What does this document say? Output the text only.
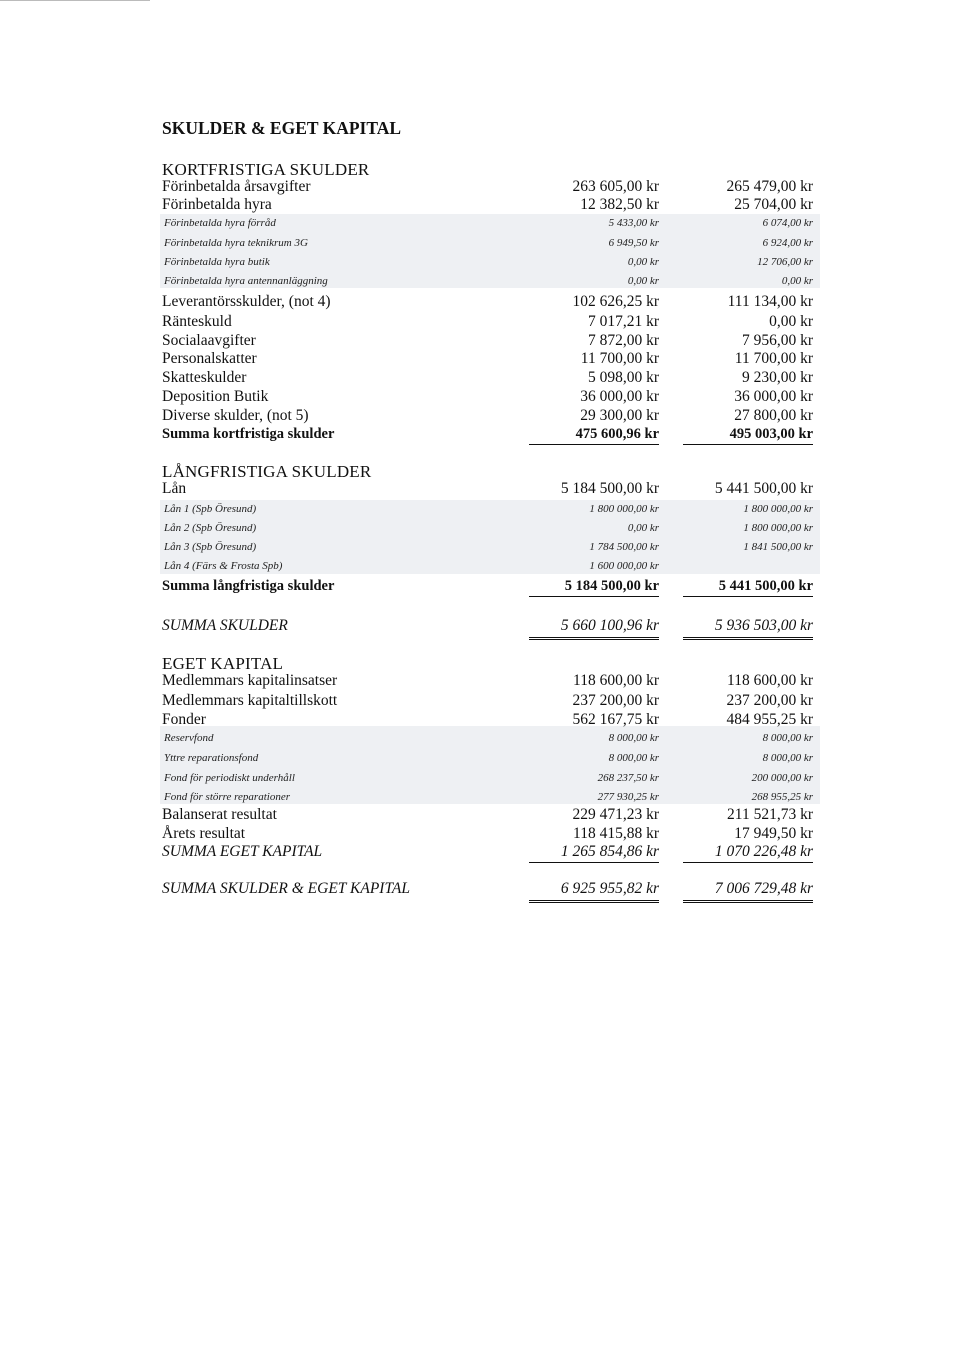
SKULDER & EGET KAPITAL
KORTFRISTIGA SKULDER
Förinbetalda årsavgifter	263 605,00 kr	265 479,00 kr
Förinbetalda hyra	12 382,50 kr	25 704,00 kr
Förinbetalda hyra förråd	5 433,00 kr	6 074,00 kr
Förinbetalda hyra teknikrum 3G	6 949,50 kr	6 924,00 kr
Förinbetalda hyra butik	0,00 kr	12 706,00 kr
Förinbetalda hyra antennanläggning	0,00 kr	0,00 kr
Leverantörsskulder, (not 4)	102 626,25 kr	111 134,00 kr
Ränteskuld	7 017,21 kr	0,00 kr
Socialaavgifter	7 872,00 kr	7 956,00 kr
Personalskatter	11 700,00 kr	11 700,00 kr
Skatteskulder	5 098,00 kr	9 230,00 kr
Deposition Butik	36 000,00 kr	36 000,00 kr
Diverse skulder, (not 5)	29 300,00 kr	27 800,00 kr
Summa kortfristiga skulder	475 600,96 kr	495 003,00 kr
LÅNGFRISTIGA SKULDER
Lån	5 184 500,00 kr	5 441 500,00 kr
Lån 1 (Spb Öresund)	1 800 000,00 kr	1 800 000,00 kr
Lån 2 (Spb Öresund)	0,00 kr	1 800 000,00 kr
Lån 3 (Spb Öresund)	1 784 500,00 kr	1 841 500,00 kr
Lån 4 (Färs & Frosta Spb)	1 600 000,00 kr
Summa långfristiga skulder	5 184 500,00 kr	5 441 500,00 kr
SUMMA SKULDER	5 660 100,96 kr	5 936 503,00 kr
EGET KAPITAL
Medlemmars kapitalinsatser	118 600,00 kr	118 600,00 kr
Medlemmars kapitaltillskott	237 200,00 kr	237 200,00 kr
Fonder	562 167,75 kr	484 955,25 kr
Reservfond	8 000,00 kr	8 000,00 kr
Yttre reparationsfond	8 000,00 kr	8 000,00 kr
Fond för periodiskt underhåll	268 237,50 kr	200 000,00 kr
Fond för större reparationer	277 930,25 kr	268 955,25 kr
Balanserat resultat	229 471,23 kr	211 521,73 kr
Årets resultat	118 415,88 kr	17 949,50 kr
SUMMA EGET KAPITAL	1 265 854,86 kr	1 070 226,48 kr
SUMMA SKULDER & EGET KAPITAL	6 925 955,82 kr	7 006 729,48 kr
